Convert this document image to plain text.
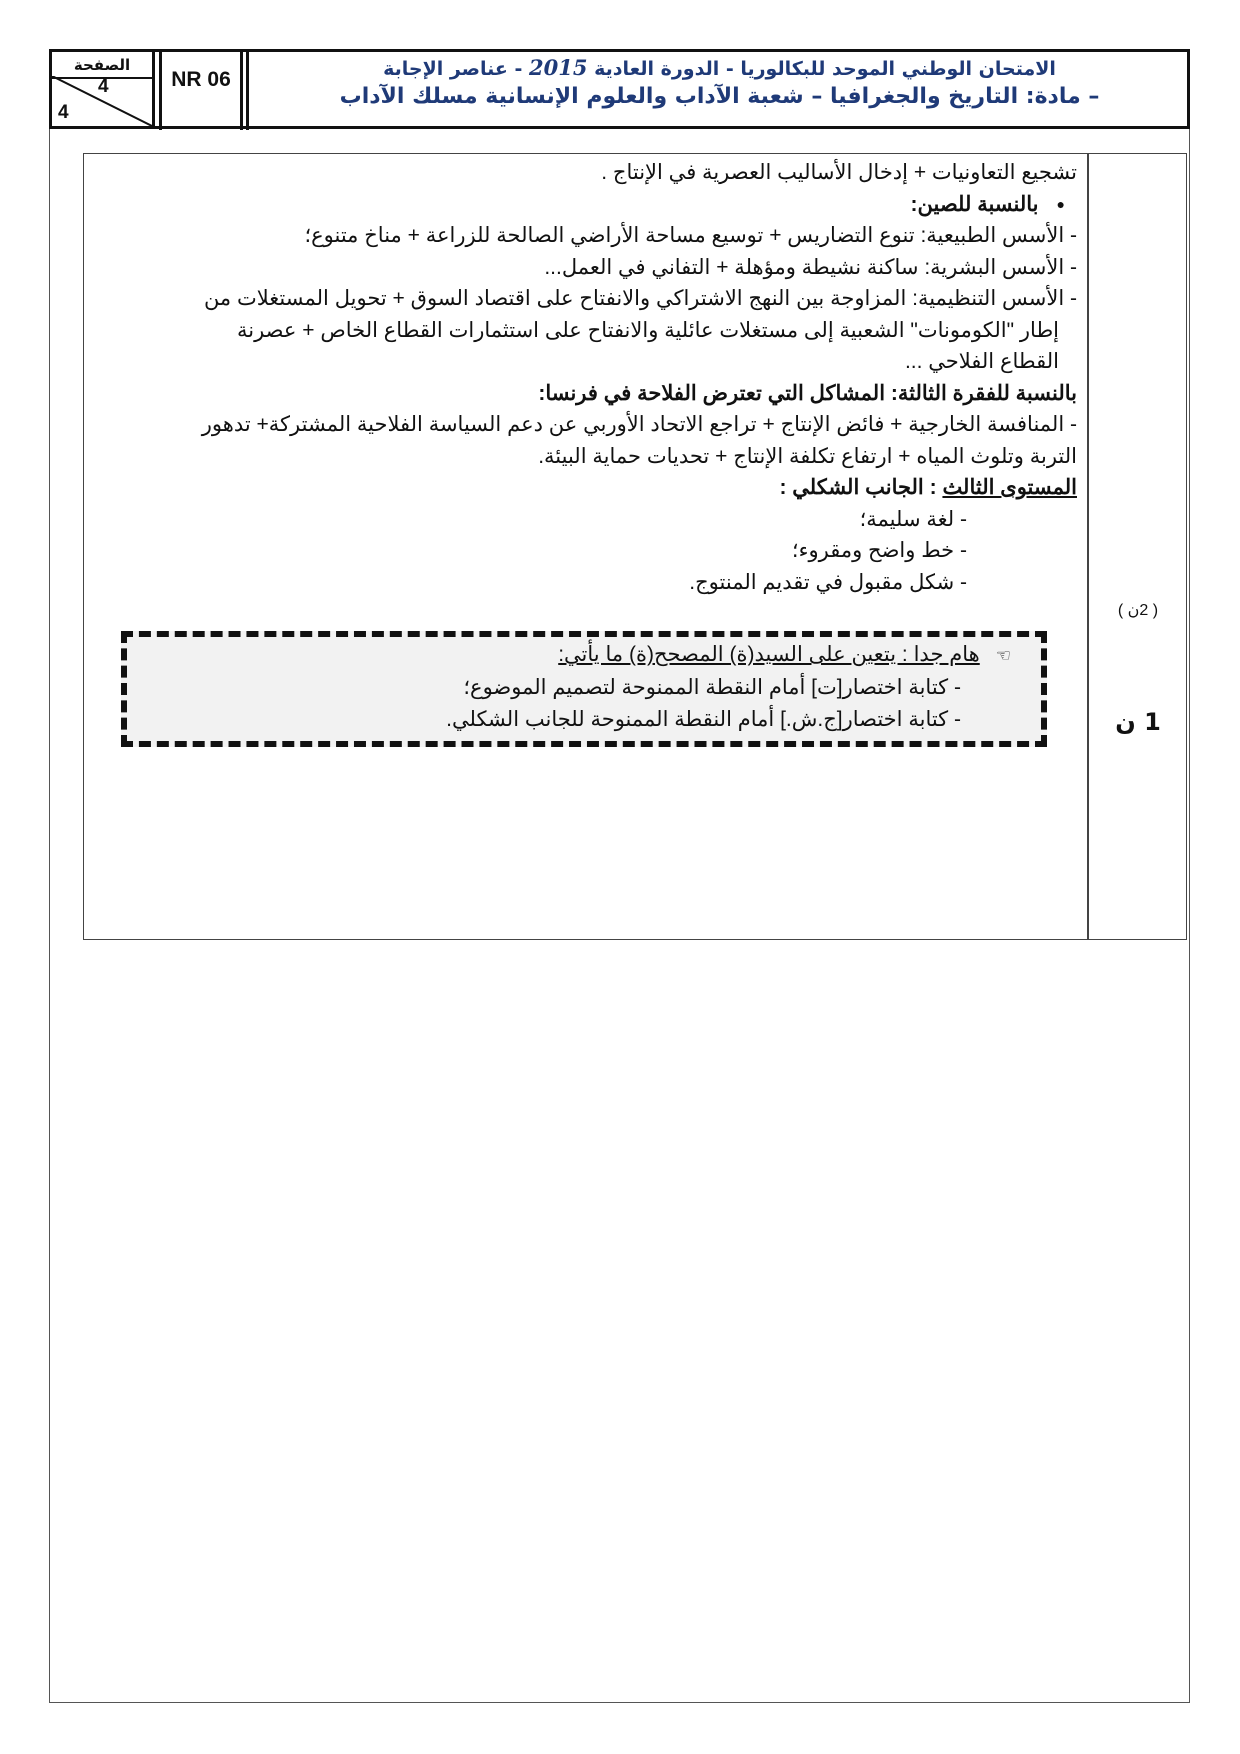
الامتحان الوطني الموحد للبكالوريا - الدورة العادية 2015 - عناصر الإجابة
– مادة: التاريخ والجغرافيا – شعبة الآداب والعلوم الإنسانية مسلك الآداب
NR 06
الصفحة
4
4
( 2ن )
1 ن

تشجيع التعاونيات + إدخال الأساليب العصرية في الإنتاج .

● بالنسبة للصين:

- الأسس الطبيعية: تنوع التضاريس + توسيع مساحة الأراضي الصالحة للزراعة + مناخ متنوع؛

- الأسس البشرية: ساكنة نشيطة ومؤهلة + التفاني في العمل...

- الأسس التنظيمية: المزاوجة بين النهج الاشتراكي والانفتاح على اقتصاد السوق + تحويل المستغلات من

إطار "الكومونات" الشعبية إلى مستغلات عائلية والانفتاح على استثمارات القطاع الخاص + عصرنة

القطاع الفلاحي ...

بالنسبة للفقرة الثالثة: المشاكل التي تعترض الفلاحة في فرنسا:

- المنافسة الخارجية + فائض الإنتاج + تراجع الاتحاد الأوربي عن دعم السياسة الفلاحية المشتركة+ تدهور

التربة وتلوث المياه + ارتفاع تكلفة الإنتاج + تحديات حماية البيئة.

المستوى الثالث : الجانب الشكلي :

- لغة سليمة؛

- خط واضح ومقروء؛

- شكل مقبول في تقديم المنتوج.

☜هام جدا : يتعين على السيد(ة) المصحح(ة) ما يأتي:

- كتابة اختصار[ت] أمام النقطة الممنوحة لتصميم الموضوع؛

- كتابة اختصار[ج.ش.] أمام النقطة الممنوحة للجانب الشكلي.
